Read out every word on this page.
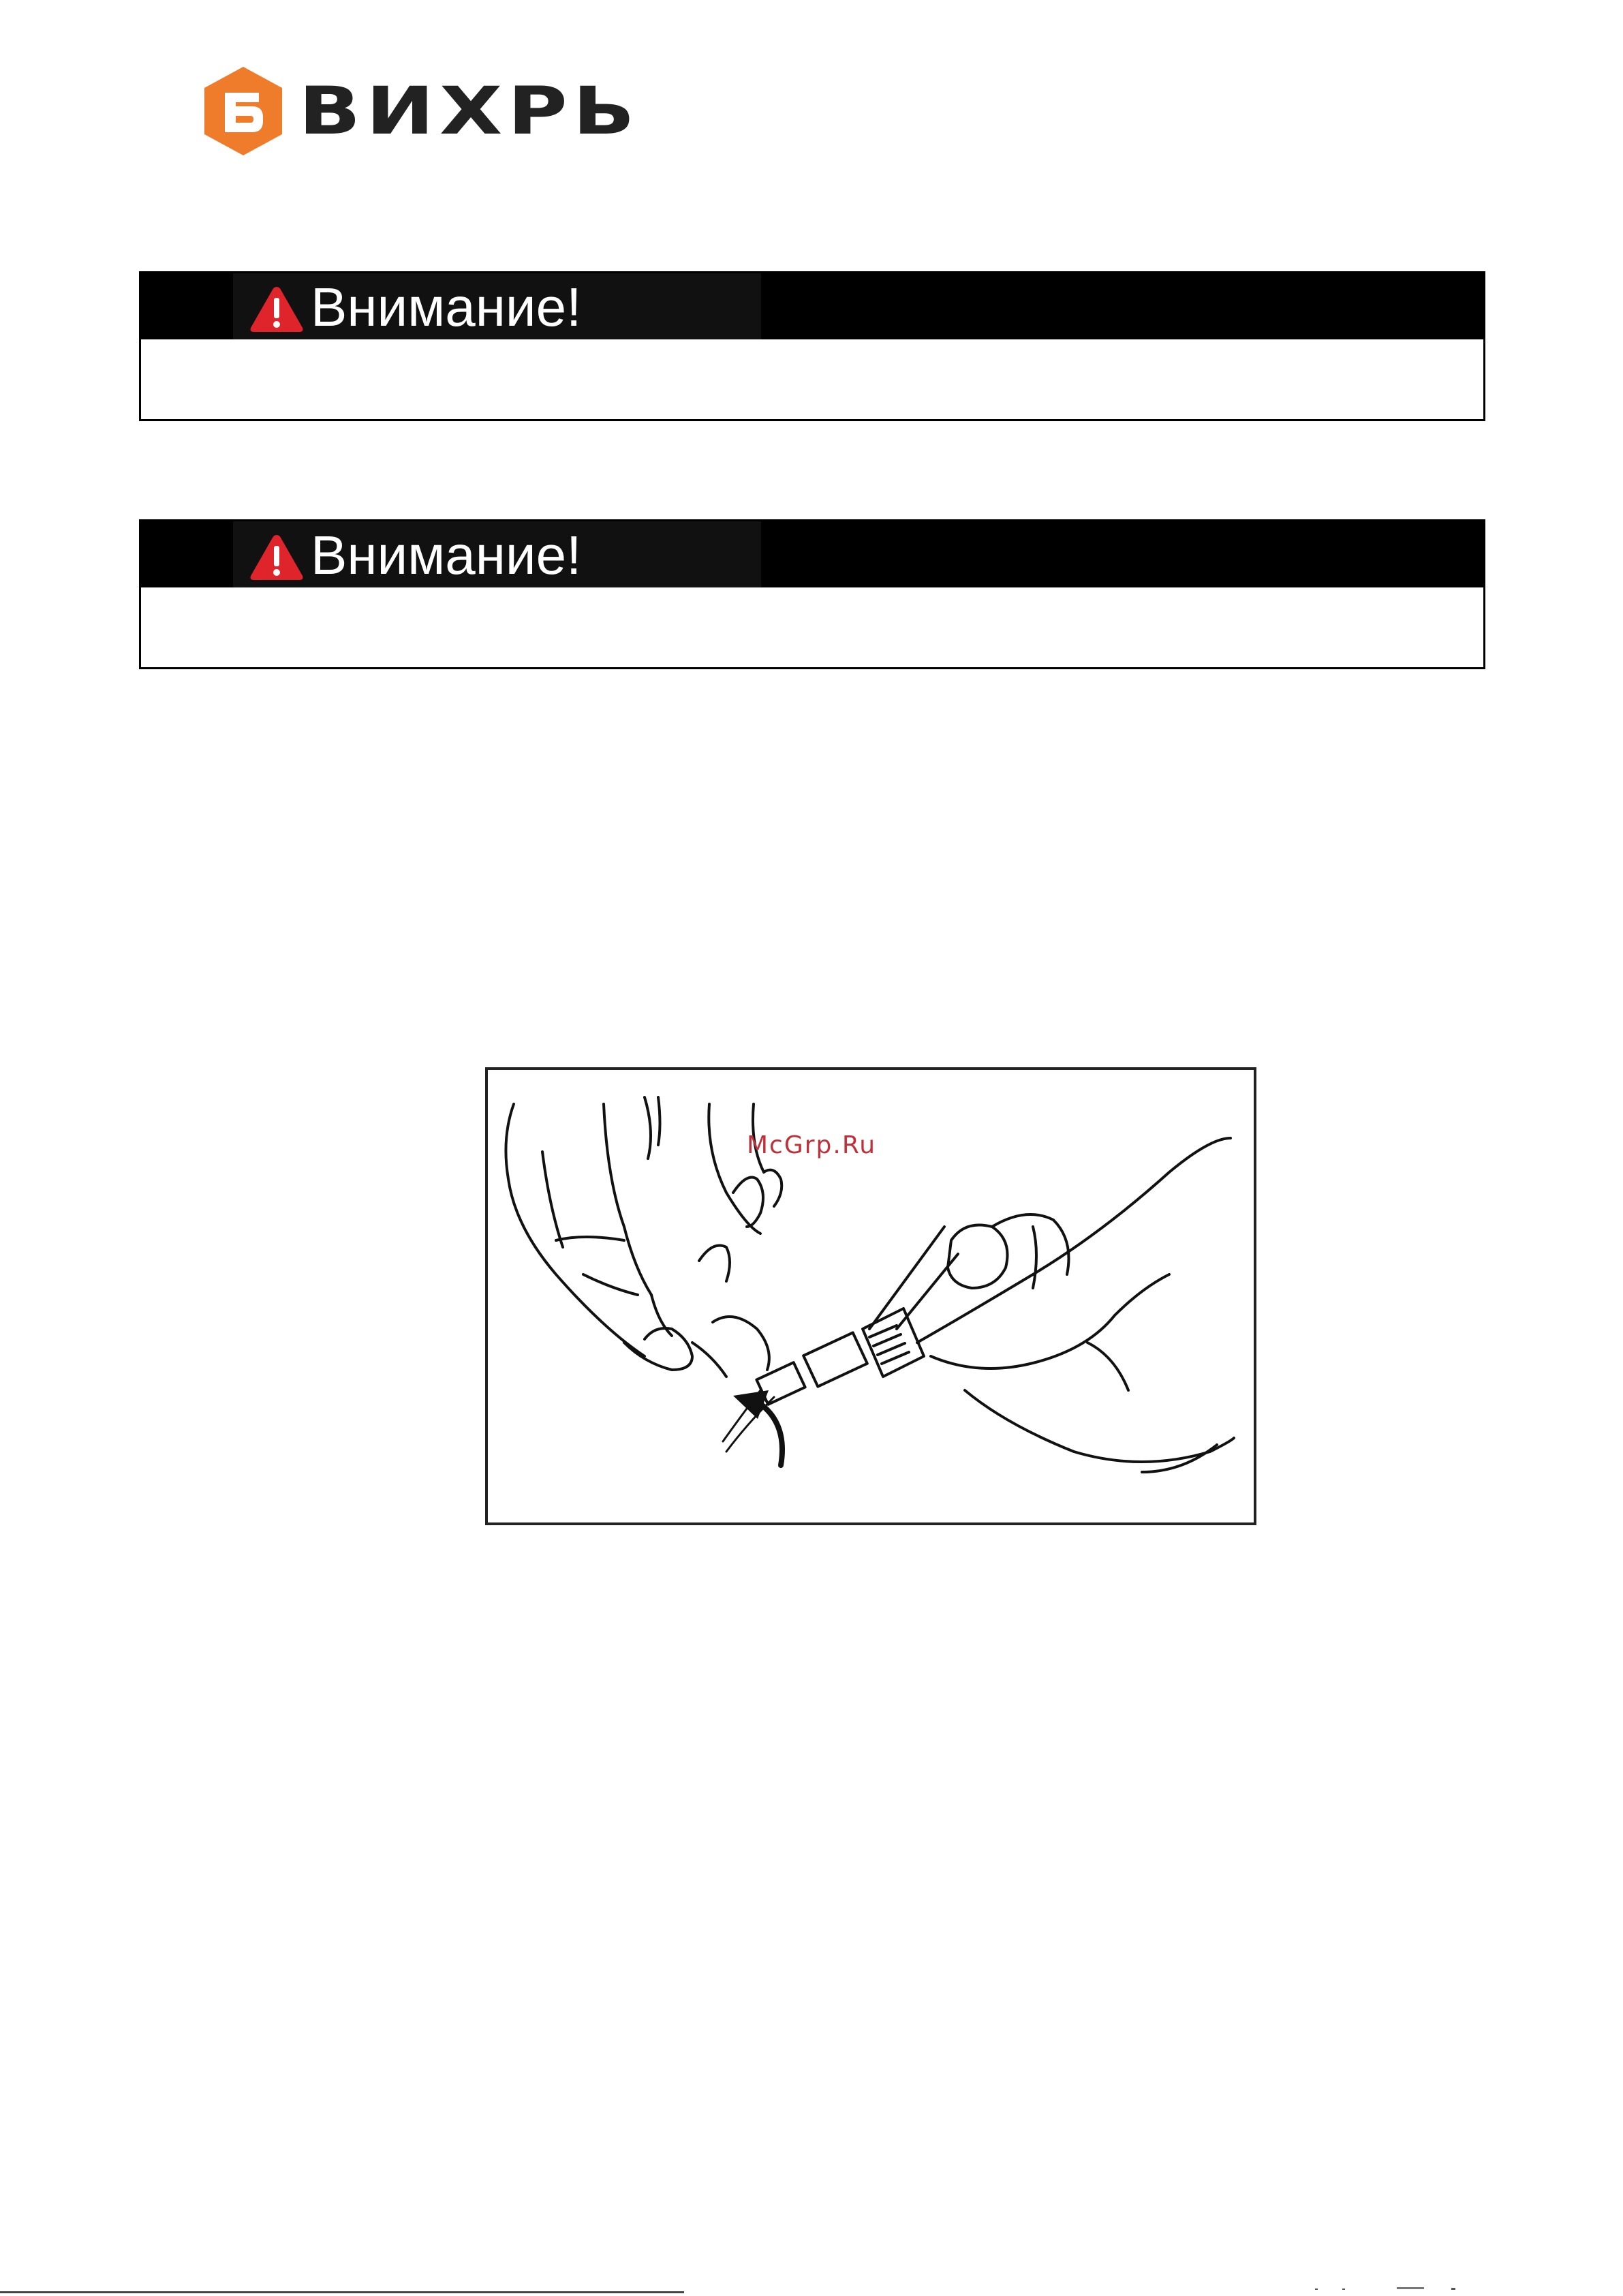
ВИХРЬ
Внимание!
Внимание!
McGrp.Ru
